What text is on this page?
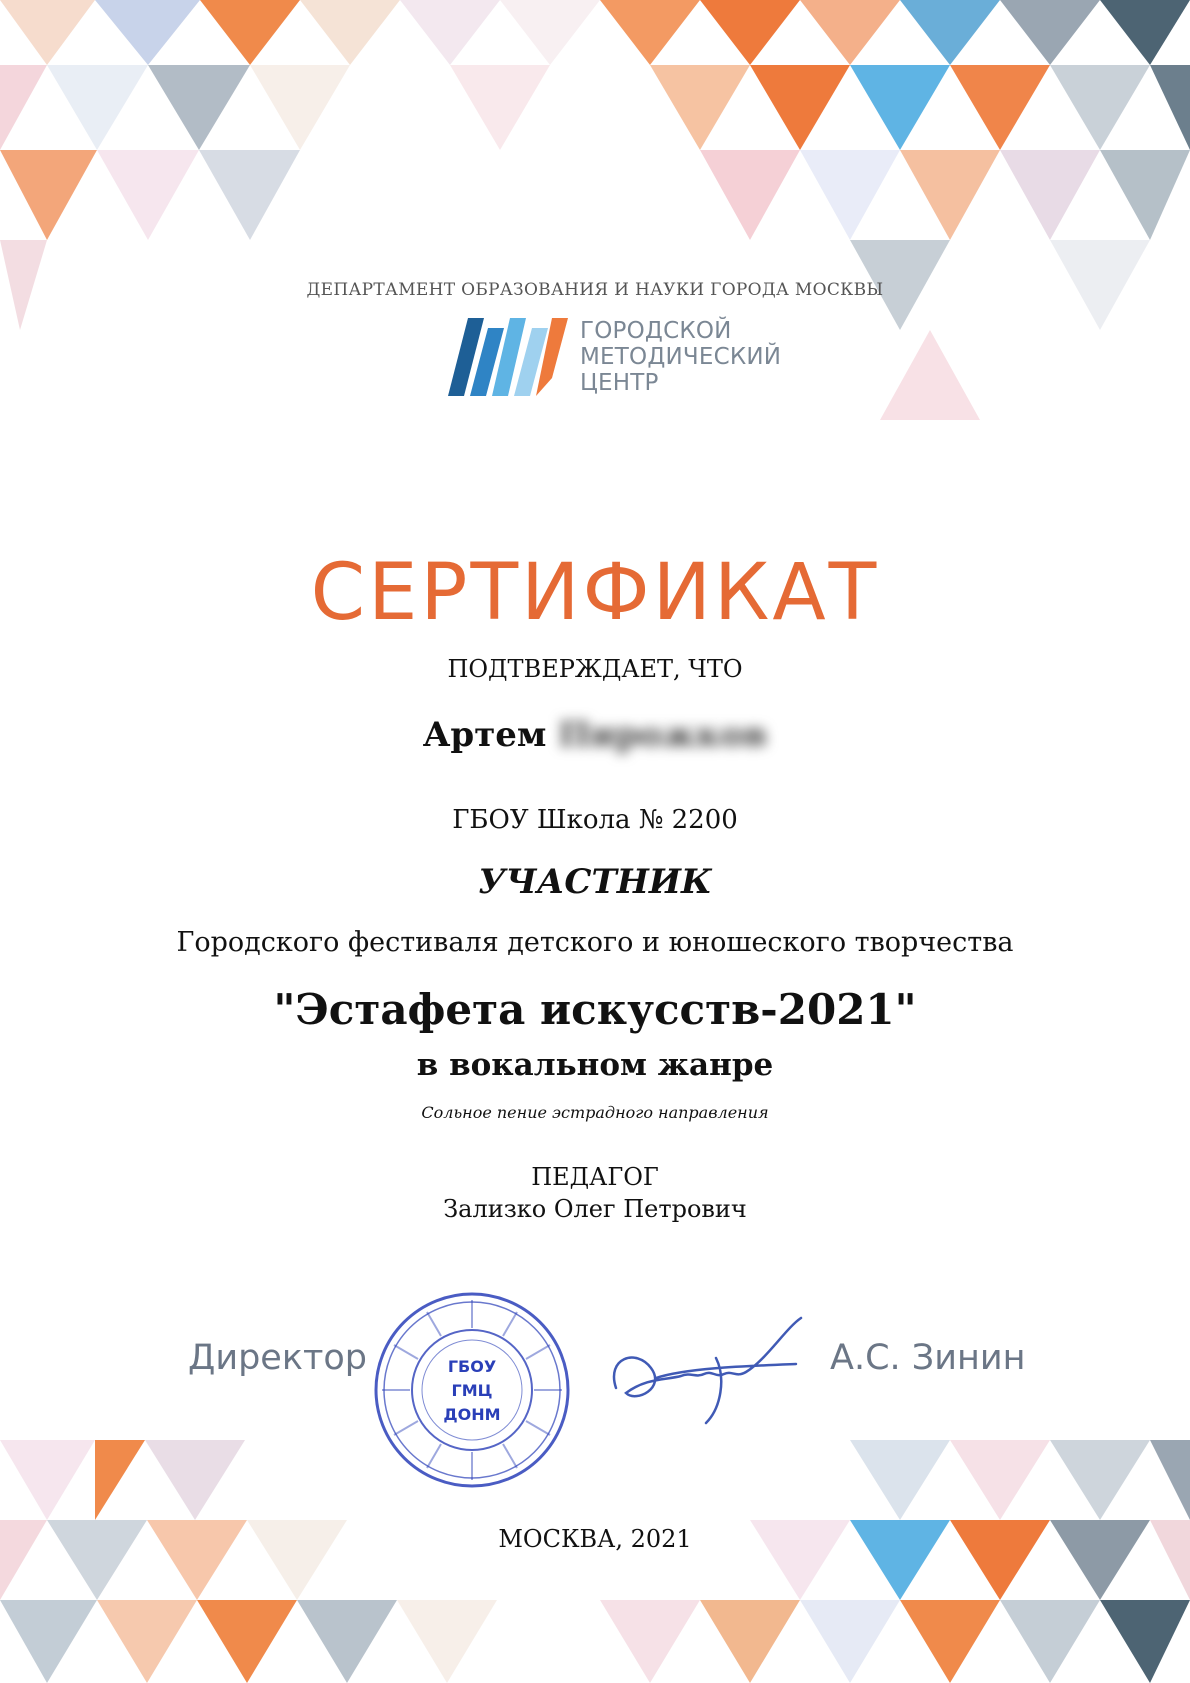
ДЕПАРТАМЕНТ ОБРАЗОВАНИЯ И НАУКИ ГОРОДА МОСКВЫ
ГОРОДСКОЙ
МЕТОДИЧЕСКИЙ
ЦЕНТР
СЕРТИФИКАТ
ПОДТВЕРЖДАЕТ, ЧТО
Артем Пирожков
ГБОУ Школа № 2200
УЧАСТНИК
Городского фестиваля детского и юношеского творчества
"Эстафета искусств-2021"
в вокальном жанре
Сольное пение эстрадного направления
ПЕДАГОГ
Зализко Олег Петрович
Директор	ГБОУ
ГМЦ
ДОНМ
А.С. Зинин
МОСКВА, 2021
